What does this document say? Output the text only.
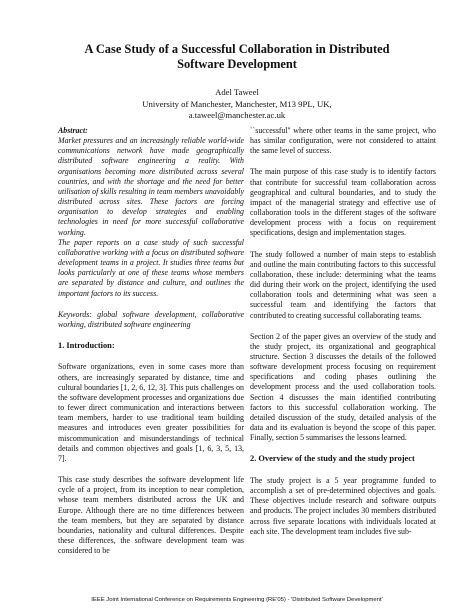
A Case Study of a Successful Collaboration in Distributed
Software Development
Adel Taweel
University of Manchester, Manchester, M13 9PL, UK,
a.taweel@manchester.ac.uk

Abstract:
Market pressures and an increasingly reliable world-wide communications network have made geographically distributed software engineering a reality. With organisations becoming more distributed across several countries, and with the shortage and the need for better utilisation of skills resulting in team members unavoidably distributed across sites. These factors are forcing organisation to develop strategies and enabling technologies in need for more successful collaborative working.

The paper reports on a case study of such successful collaborative working with a focus on distributed software development teams in a project. It studies three teams but looks particularly at one of these teams whose members are separated by distance and culture, and outlines the important factors to its success.

Keywords: global software development, collaborative working, distributed software engineering

1. Introduction:

Software organizations, even in some cases more than others, are increasingly separated by distance, time and cultural boundaries [1, 2, 6, 12, 3]. This puts challenges on the software development processes and organizations due to fewer direct communication and interactions between team members, harder to use traditional team building measures and introduces even greater possibilities for miscommunication and misunderstandings of technical details and common objectives and goals [1, 6, 3, 5, 13, 7].

This case study describes the software development life cycle of a project, from its inception to near completion, whose team members distributed across the UK and Europe. Although there are no time differences between the team members, but they are separated by distance boundaries, nationality and cultural differences. Despite these differences, the software development team was considered to be

``successful'' where other teams in the same project, who has similar configuration, were not considered to attaint the same level of success.

The main purpose of this case study is to identify factors that contribute for successful team collaboration across geographical and cultural boundaries, and to study the impact of the managerial strategy and effective use of collaboration tools in the different stages of the software development process with a focus on requirement specifications, design and implementation stages.

The study followed a number of main steps to establish and outline the main contributing factors to this successful collaboration, these include: determining what the teams did during their work on the project, identifying the used collaboration tools and determining what was seen a successful team and identifying the factors that contributed to creating successful collaborating teams.

Section 2 of the paper gives an overview of the study and the study project, its organizational and geographical structure. Section 3 discusses the details of the followed software development process focusing on requirement specifications and coding phases outlining the development process and the used collaboration tools. Section 4 discusses the main identified contributing factors to this successful collaboration working. The detailed discussion of the study, detailed analysis of the data and its evaluation is beyond the scope of this paper. Finally, section 5 summarises the lessons learned.

2. Overview of the study and the study project

The study project is a 5 year programme funded to accomplish a set of pre-determined objectives and goals. These objectives include research and software outputs and products. The project includes 30 members distributed across five separate locations with individuals located at each site. The development team includes five sub-

IEEE Joint International Conference on Requirements Engineering (RE'05) - 'Distributed Software Development'
